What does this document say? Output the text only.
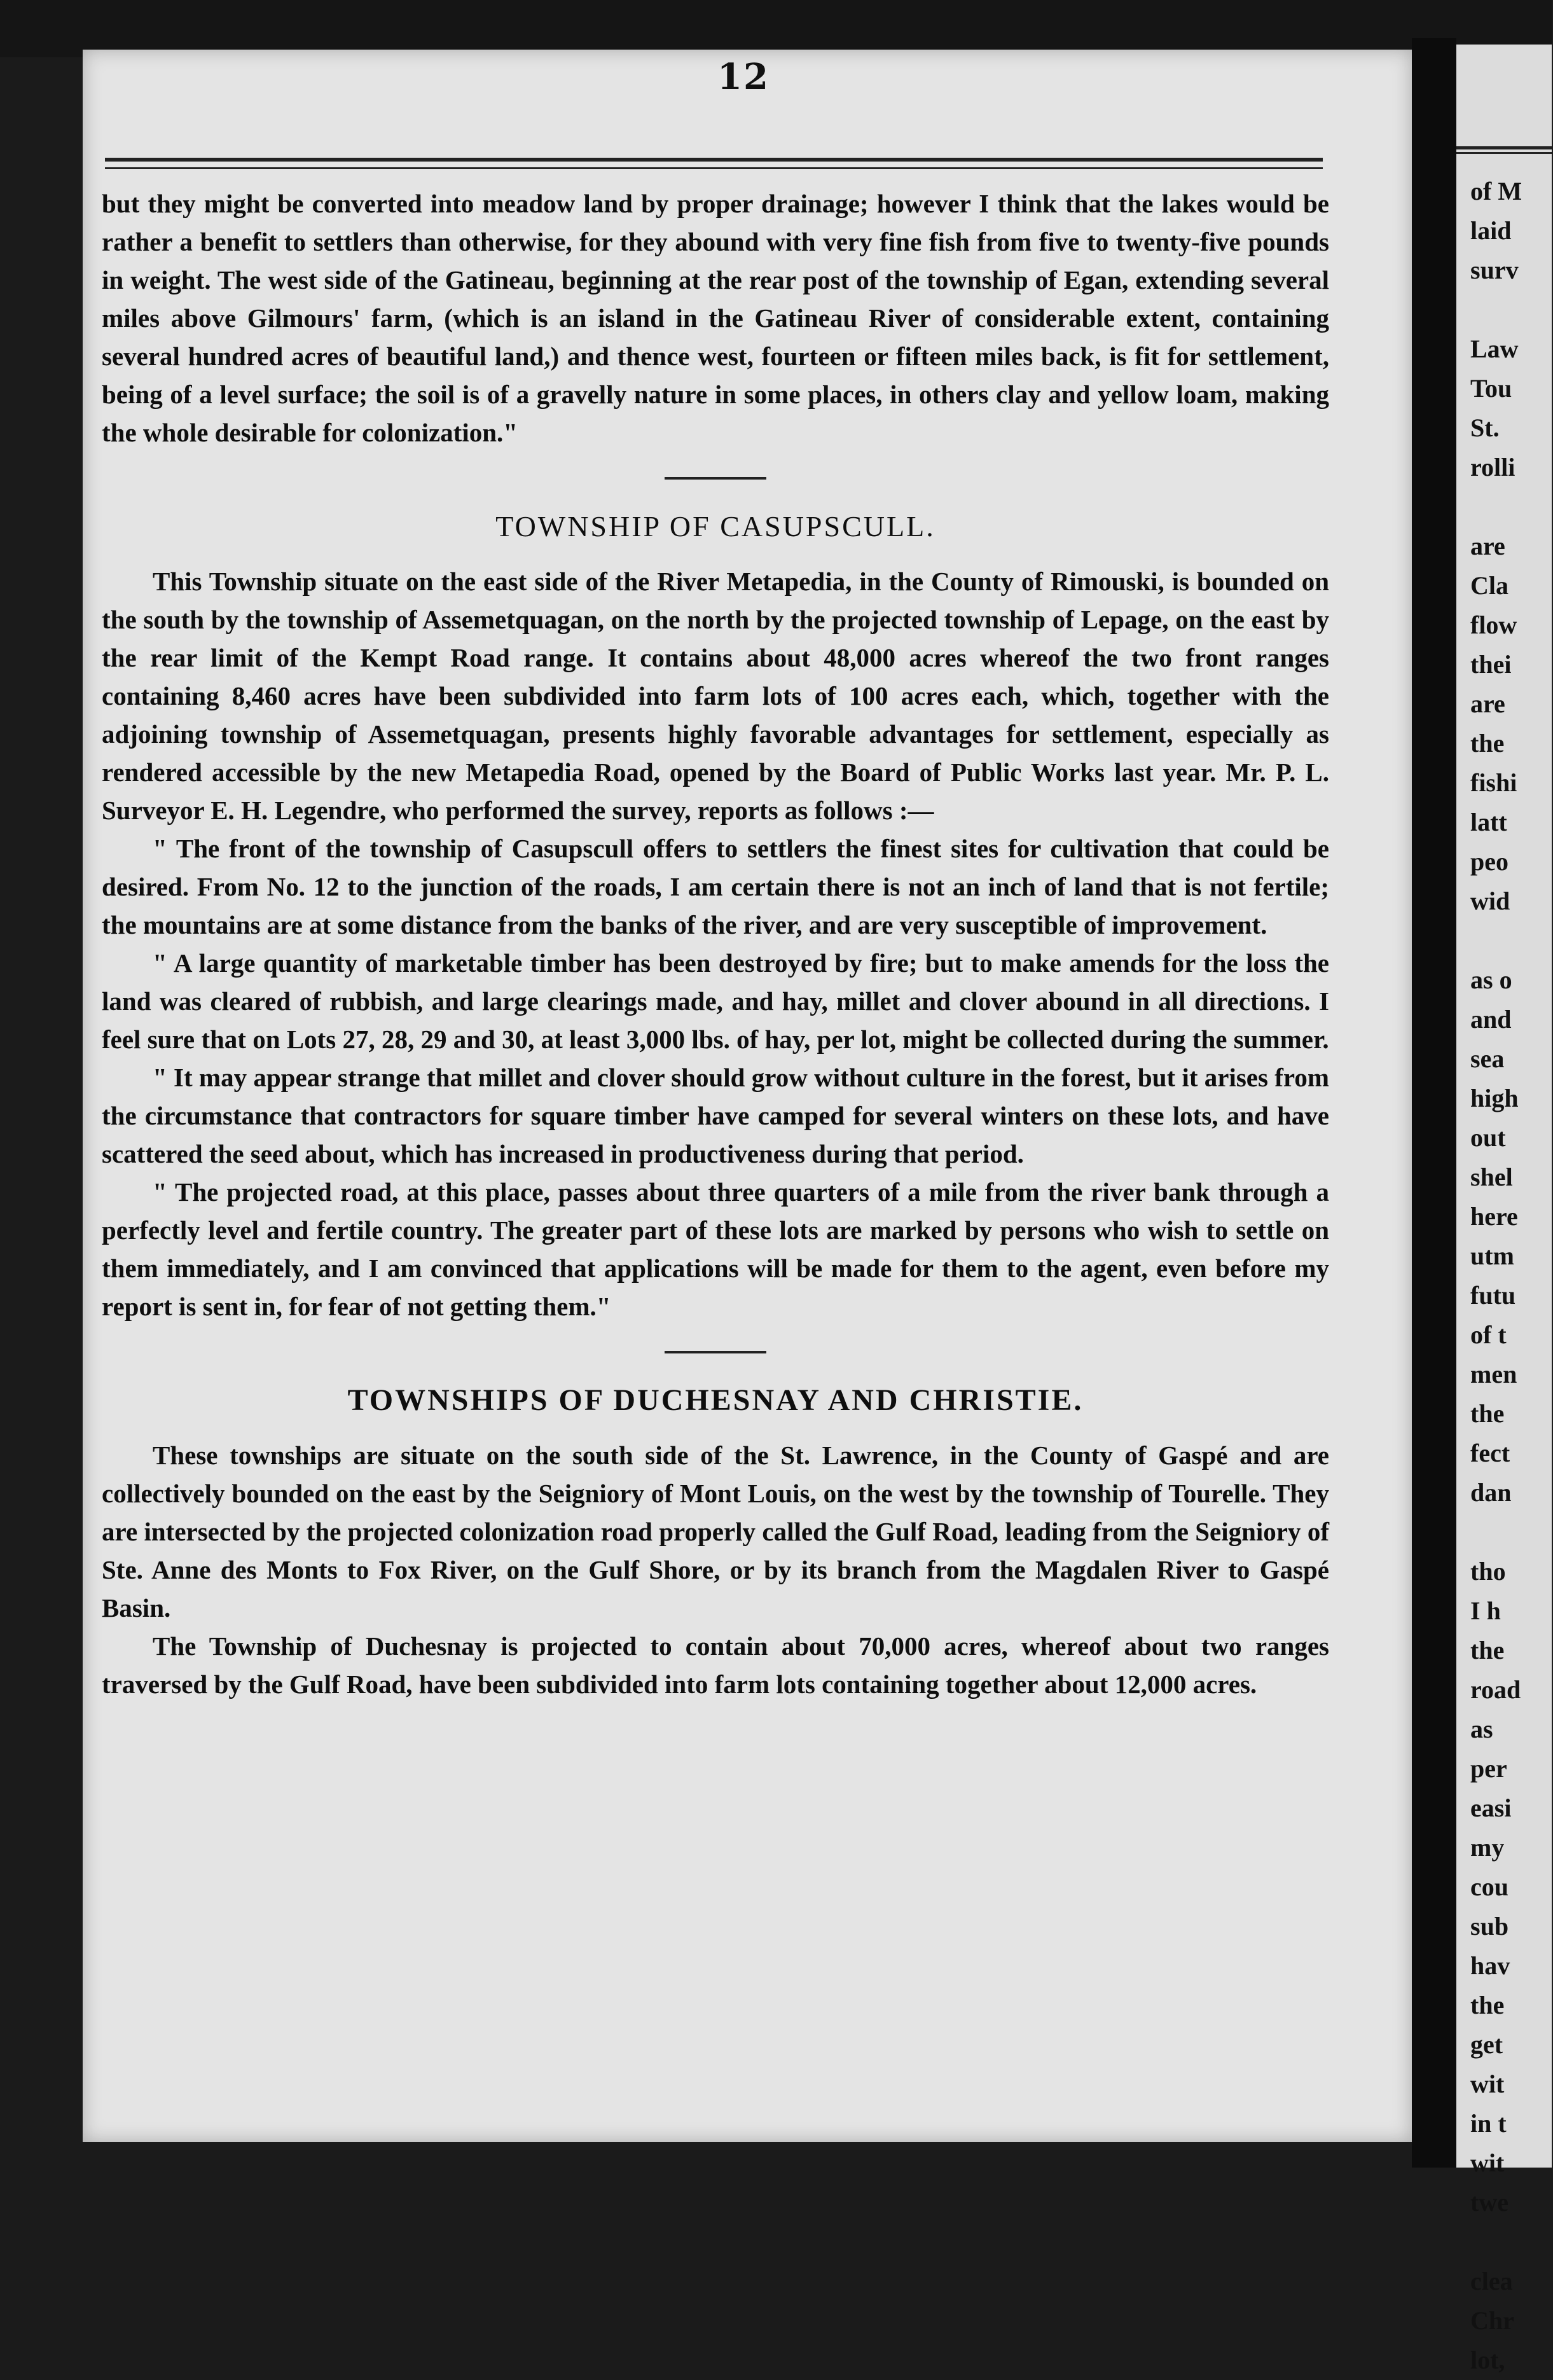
12

but they might be converted into meadow land by proper drainage; however I think that the lakes would be rather a benefit to settlers than otherwise, for they abound with very fine fish from five to twenty-five pounds in weight. The west side of the Gatineau, beginning at the rear post of the township of Egan, extending several miles above Gilmours' farm, (which is an island in the Gatineau River of considerable extent, containing several hundred acres of beautiful land,) and thence west, fourteen or fifteen miles back, is fit for settlement, being of a level surface; the soil is of a gravelly nature in some places, in others clay and yellow loam, making the whole desirable for colonization."

TOWNSHIP OF CASUPSCULL.

This Township situate on the east side of the River Metapedia, in the County of Rimouski, is bounded on the south by the township of Assemetquagan, on the north by the projected township of Lepage, on the east by the rear limit of the Kempt Road range. It contains about 48,000 acres whereof the two front ranges containing 8,460 acres have been subdivided into farm lots of 100 acres each, which, together with the adjoining township of Assemetquagan, presents highly favorable advantages for settlement, especially as rendered accessible by the new Metapedia Road, opened by the Board of Public Works last year. Mr. P. L. Surveyor E. H. Legendre, who performed the survey, reports as follows :—

" The front of the township of Casupscull offers to settlers the finest sites for cultivation that could be desired. From No. 12 to the junction of the roads, I am certain there is not an inch of land that is not fertile; the mountains are at some distance from the banks of the river, and are very susceptible of improvement.

" A large quantity of marketable timber has been destroyed by fire; but to make amends for the loss the land was cleared of rubbish, and large clearings made, and hay, millet and clover abound in all directions. I feel sure that on Lots 27, 28, 29 and 30, at least 3,000 lbs. of hay, per lot, might be collected during the summer.

" It may appear strange that millet and clover should grow without culture in the forest, but it arises from the circumstance that contractors for square timber have camped for several winters on these lots, and have scattered the seed about, which has increased in productiveness during that period.

" The projected road, at this place, passes about three quarters of a mile from the river bank through a perfectly level and fertile country. The greater part of these lots are marked by persons who wish to settle on them immediately, and I am convinced that applications will be made for them to the agent, even before my report is sent in, for fear of not getting them."

TOWNSHIPS OF DUCHESNAY AND CHRISTIE.

These townships are situate on the south side of the St. Lawrence, in the County of Gaspé and are collectively bounded on the east by the Seigniory of Mont Louis, on the west by the township of Tourelle. They are intersected by the projected colonization road properly called the Gulf Road, leading from the Seigniory of Ste. Anne des Monts to Fox River, on the Gulf Shore, or by its branch from the Magdalen River to Gaspé Basin.

The Township of Duchesnay is projected to contain about 70,000 acres, whereof about two ranges traversed by the Gulf Road, have been subdivided into farm lots containing together about 12,000 acres.

of M
laid
surv
Law
Tou
St.
rolli
are
Cla
flow
thei
are
the
fishi
latt
peo
wid
as o
and
sea
high
out
shel
here
utm
futu
of t
men
the
fect
dan
tho
I h
the
road
as
per
easi
my
cou
sub
hav
the
get
wit
in t
wit
twe
clea
Chr
lot,
